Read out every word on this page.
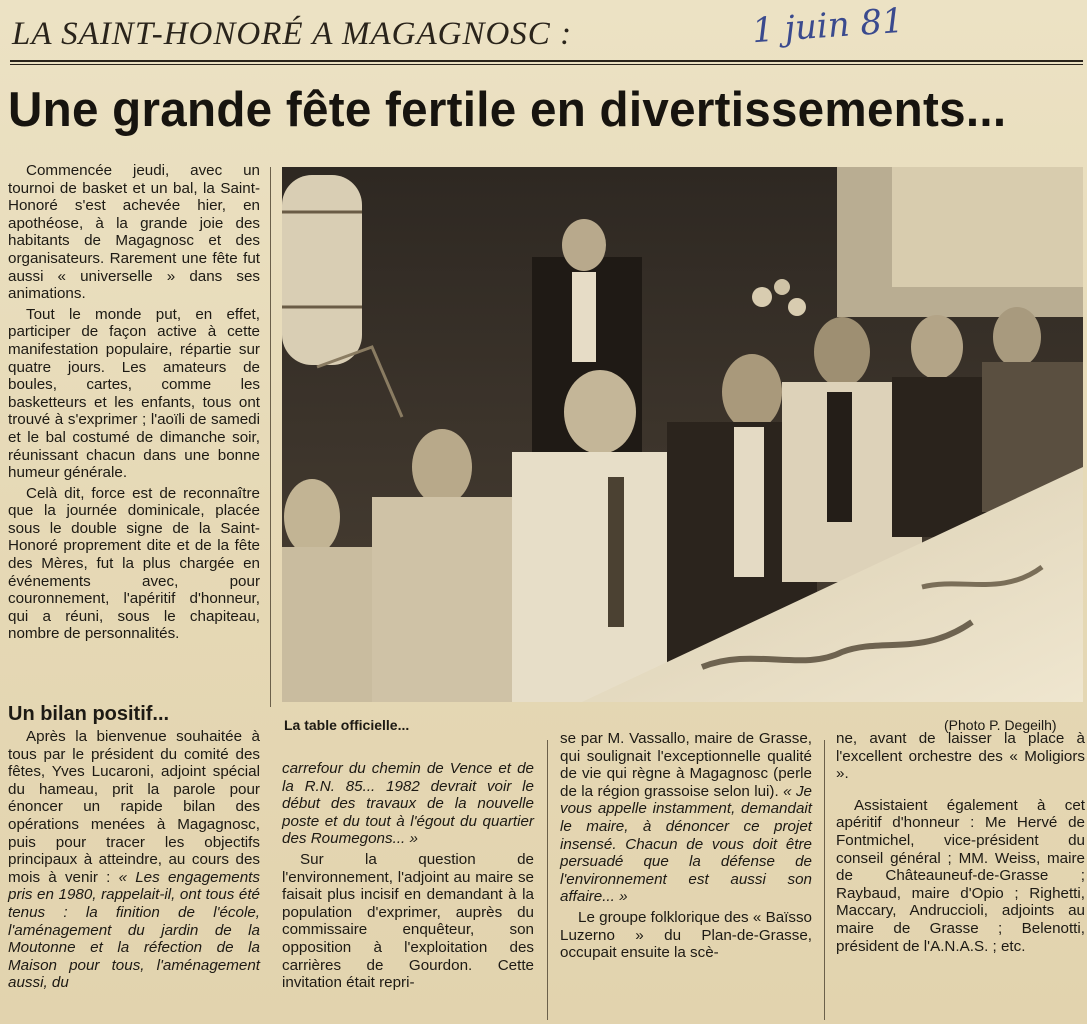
LA SAINT-HONORÉ A MAGAGNOSC :	1 juin 81
Une grande fête fertile en divertissements...

Commencée jeudi, avec un tournoi de basket et un bal, la Saint-Honoré s'est achevée hier, en apothéose, à la grande joie des habitants de Magagnosc et des organisateurs. Rarement une fête fut aussi « universelle » dans ses animations.

Tout le monde put, en effet, participer de façon active à cette manifestation populaire, répartie sur quatre jours. Les amateurs de boules, cartes, comme les basketteurs et les enfants, tous ont trouvé à s'exprimer ; l'aoïli de samedi et le bal costumé de dimanche soir, réunissant chacun dans une bonne humeur générale.

Celà dit, force est de reconnaître que la journée dominicale, placée sous le double signe de la Saint-Honoré proprement dite et de la fête des Mères, fut la plus chargée en événements avec, pour couronnement, l'apéritif d'honneur, qui a réuni, sous le chapiteau, nombre de personnalités.

Un bilan positif...

Après la bienvenue souhaitée à tous par le président du comité des fêtes, Yves Lucaroni, adjoint spécial du hameau, prit la parole pour énoncer un rapide bilan des opérations menées à Magagnosc, puis pour tracer les objectifs principaux à atteindre, au cours des mois à venir : « Les engagements pris en 1980, rappelait-il, ont tous été tenus : la finition de l'école, l'aménagement du jardin de la Moutonne et la réfection de la Maison pour tous, l'aménagement aussi, du

La table officielle...	(Photo P. Degeilh)

carrefour du chemin de Vence et de la R.N. 85... 1982 devrait voir le début des travaux de la nouvelle poste et du tout à l'égout du quartier des Roumegons... »

Sur la question de l'environnement, l'adjoint au maire se faisait plus incisif en demandant à la population d'exprimer, auprès du commissaire enquêteur, son opposition à l'exploitation des carrières de Gourdon. Cette invitation était repri-

se par M. Vassallo, maire de Grasse, qui soulignait l'exceptionnelle qualité de vie qui règne à Magagnosc (perle de la région grassoise selon lui). « Je vous appelle instamment, demandait le maire, à dénoncer ce projet insensé. Chacun de vous doit être persuadé que la défense de l'environnement est aussi son affaire... »

Le groupe folklorique des « Baïsso Luzerno » du Plan-de-Grasse, occupait ensuite la scè-

ne, avant de laisser la place à l'excellent orchestre des « Moligiors ».

Assistaient également à cet apéritif d'honneur : Me Hervé de Fontmichel, vice-président du conseil général ; MM. Weiss, maire de Châteauneuf-de-Grasse ; Raybaud, maire d'Opio ; Righetti, Maccary, Andruccioli, adjoints au maire de Grasse ; Belenotti, président de l'A.N.A.S. ; etc.
